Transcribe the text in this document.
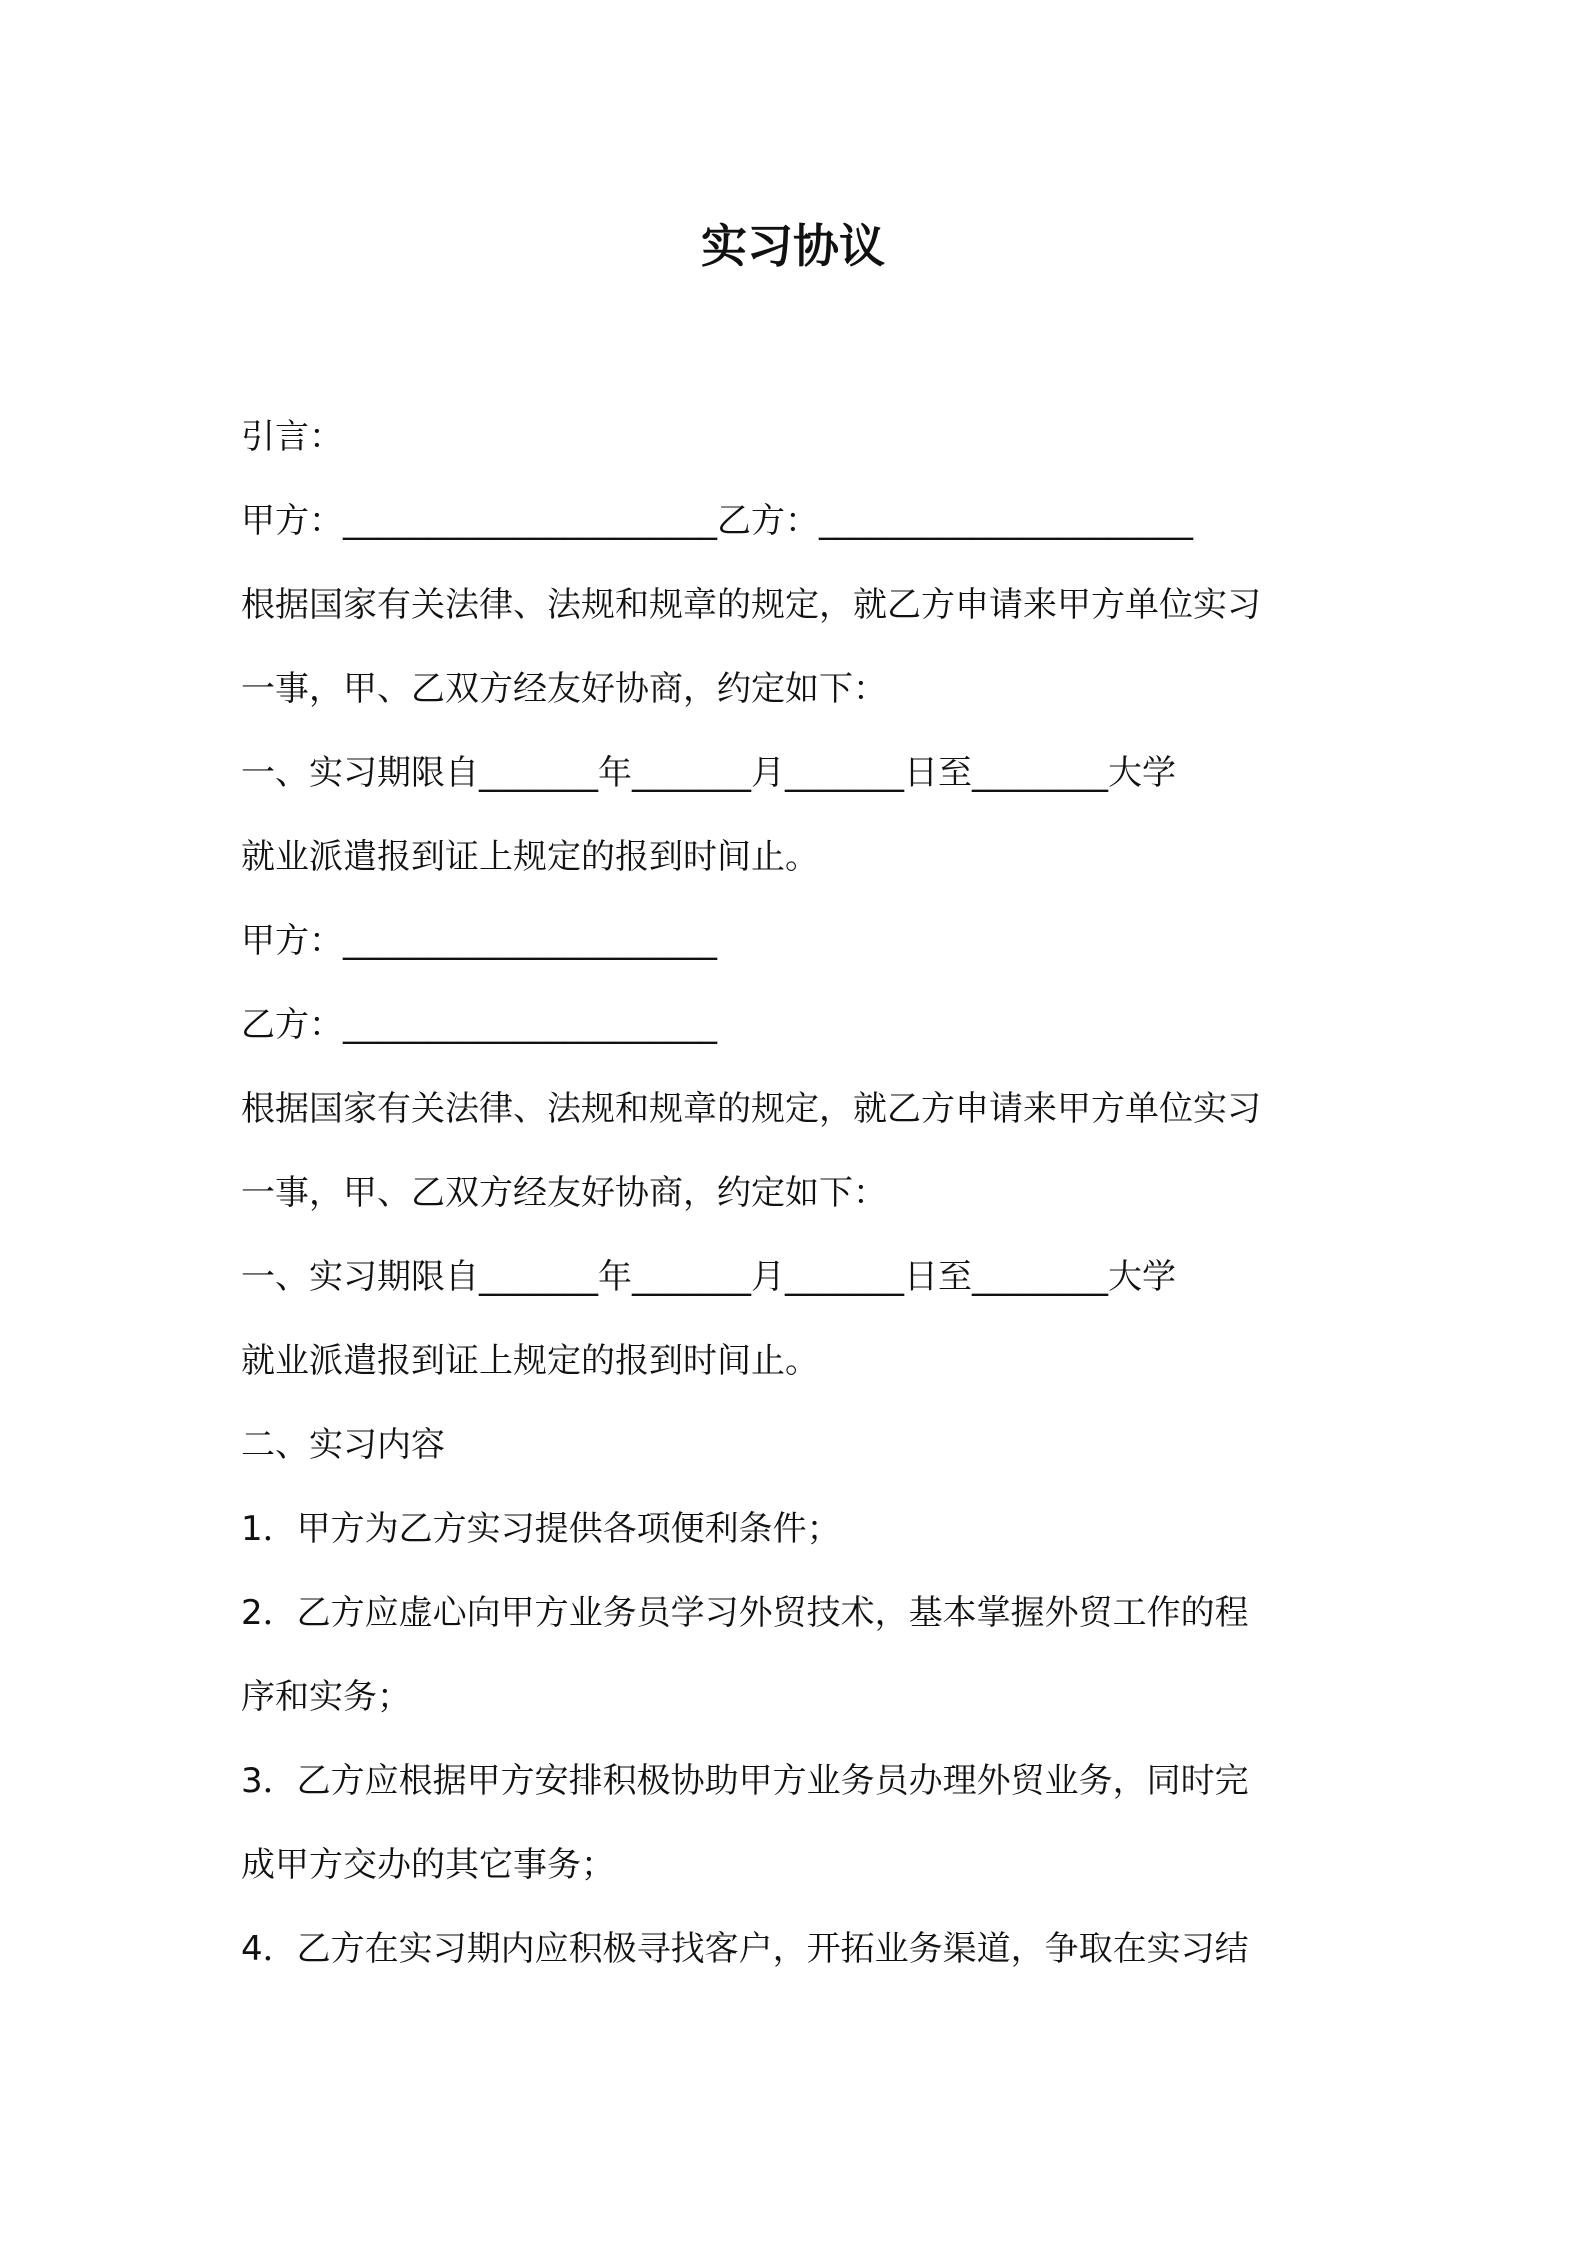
实习协议
引言：
甲方：______________________乙方：______________________
根据国家有关法律、法规和规章的规定，就乙方申请来甲方单位实习
一事，甲、乙双方经友好协商，约定如下：
一、实习期限自_______年_______月_______日至________大学
就业派遣报到证上规定的报到时间止。
甲方：______________________
乙方：______________________
根据国家有关法律、法规和规章的规定，就乙方申请来甲方单位实习
一事，甲、乙双方经友好协商，约定如下：
一、实习期限自_______年_______月_______日至________大学
就业派遣报到证上规定的报到时间止。
二、实习内容
1．甲方为乙方实习提供各项便利条件；
2．乙方应虚心向甲方业务员学习外贸技术，基本掌握外贸工作的程
序和实务；
3．乙方应根据甲方安排积极协助甲方业务员办理外贸业务，同时完
成甲方交办的其它事务；
4．乙方在实习期内应积极寻找客户，开拓业务渠道，争取在实习结
